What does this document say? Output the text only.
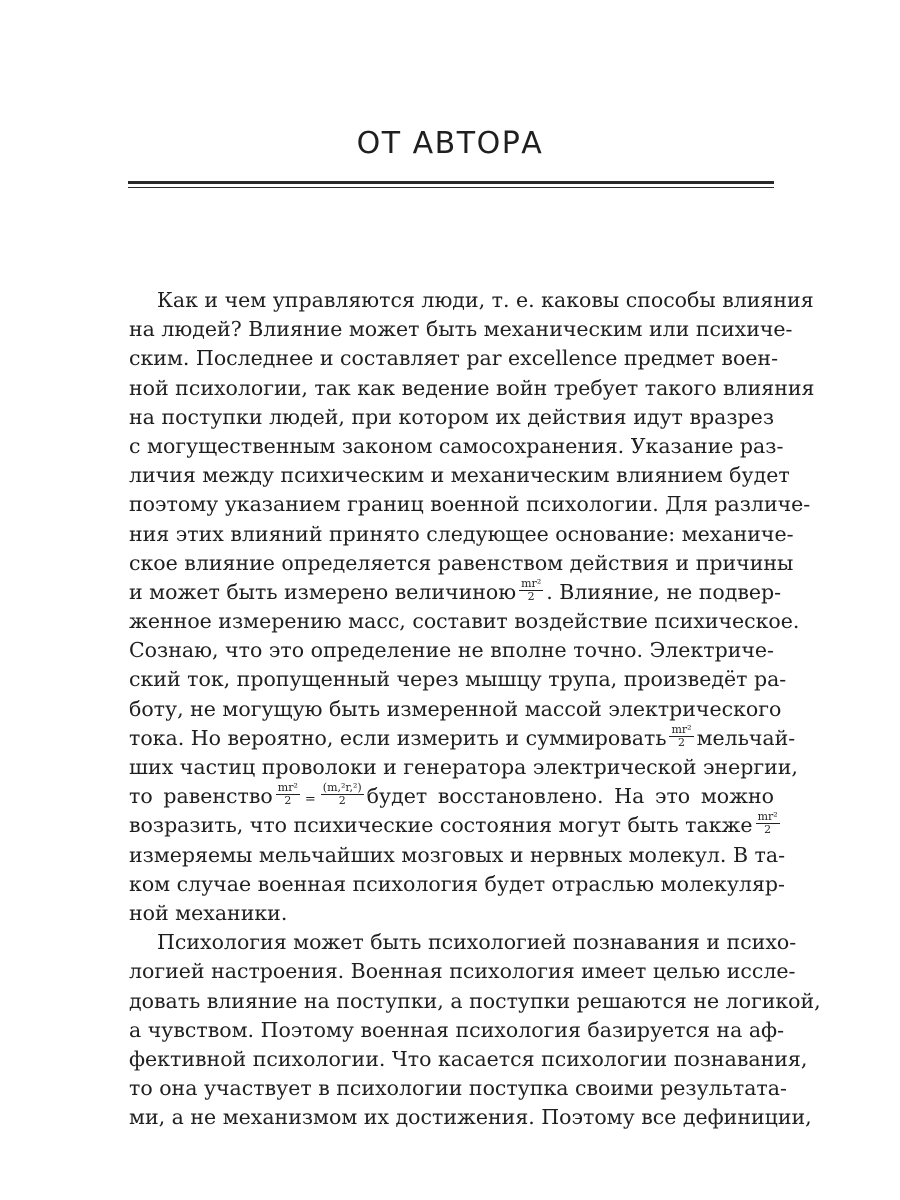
ОТ АВТОРА
Как и чем управляются люди, т. е. каковы способы влияния
на людей? Влияние может быть механическим или психиче-
ским. Последнее и составляет par excellence предмет воен-
ной психологии, так как ведение войн требует такого влияния
на поступки людей, при котором их действия идут вразрез
с могущественным законом самосохранения. Указание раз-
личия между психическим и механическим влиянием будет
поэтому указанием границ военной психологии. Для различе-
ния этих влияний принято следующее основание: механиче-
ское влияние определяется равенством действия и причины
и может быть измерено величиною $\frac{\text{mr²}}{2}$ . Влияние, не подвер-
женное измерению масс, составит воздействие психическое.
Сознаю, что это определение не вполне точно. Электриче-
ский ток, пропущенный через мышцу трупа, произведёт ра-
боту, не могущую быть измеренной массой электрического
тока. Но вероятно, если измерить и суммировать $\frac{\text{mr²}}{2}$ мельчай-
ших частиц проволоки и генератора электрической энергии,
то равенство $\frac{\text{mr²}}{2} = \frac{\text{(m,²r,²)}}{2}$ будет восстановлено. На это можно
возразить, что психические состояния могут быть также $\frac{\text{mr²}}{2}$
измеряемы мельчайших мозговых и нервных молекул. В та-
ком случае военная психология будет отраслью молекуляр-
ной механики.
Психология может быть психологией познавания и психо-
логией настроения. Военная психология имеет целью иссле-
довать влияние на поступки, а поступки решаются не логикой,
а чувством. Поэтому военная психология базируется на аф-
фективной психологии. Что касается психологии познавания,
то она участвует в психологии поступка своими результата-
ми, а не механизмом их достижения. Поэтому все дефиниции,
